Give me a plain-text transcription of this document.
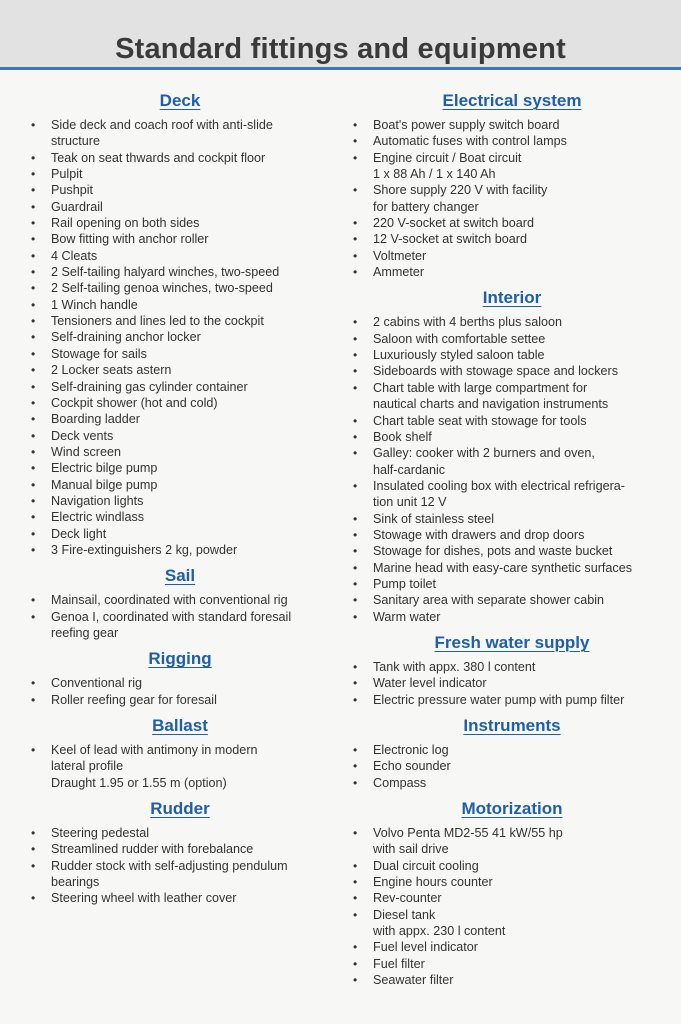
Standard fittings and equipment
Deck
• Side deck and coach roof with anti-slide
structure
• Teak on seat thwards and cockpit floor
• Pulpit
• Pushpit
• Guardrail
• Rail opening on both sides
• Bow fitting with anchor roller
• 4 Cleats
• 2 Self-tailing halyard winches, two-speed
• 2 Self-tailing genoa winches, two-speed
• 1 Winch handle
• Tensioners and lines led to the cockpit
• Self-draining anchor locker
• Stowage for sails
• 2 Locker seats astern
• Self-draining gas cylinder container
• Cockpit shower (hot and cold)
• Boarding ladder
• Deck vents
• Wind screen
• Electric bilge pump
• Manual bilge pump
• Navigation lights
• Electric windlass
• Deck light
• 3 Fire-extinguishers 2 kg, powder
Sail
• Mainsail, coordinated with conventional rig
• Genoa I, coordinated with standard foresail
reefing gear
Rigging
• Conventional rig
• Roller reefing gear for foresail
Ballast
• Keel of lead with antimony in modern
lateral profile
Draught 1.95 or 1.55 m (option)
Rudder
• Steering pedestal
• Streamlined rudder with forebalance
• Rudder stock with self-adjusting pendulum
bearings
• Steering wheel with leather cover
Electrical system
• Boat's power supply switch board
• Automatic fuses with control lamps
• Engine circuit / Boat circuit
1 x 88 Ah / 1 x 140 Ah
• Shore supply 220 V with facility
for battery changer
• 220 V-socket at switch board
• 12 V-socket at switch board
• Voltmeter
• Ammeter
Interior
• 2 cabins with 4 berths plus saloon
• Saloon with comfortable settee
• Luxuriously styled saloon table
• Sideboards with stowage space and lockers
• Chart table with large compartment for
nautical charts and navigation instruments
• Chart table seat with stowage for tools
• Book shelf
• Galley: cooker with 2 burners and oven,
half-cardanic
• Insulated cooling box with electrical refrigera-
tion unit 12 V
• Sink of stainless steel
• Stowage with drawers and drop doors
• Stowage for dishes, pots and waste bucket
• Marine head with easy-care synthetic surfaces
• Pump toilet
• Sanitary area with separate shower cabin
• Warm water
Fresh water supply
• Tank with appx. 380 l content
• Water level indicator
• Electric pressure water pump with pump filter
Instruments
• Electronic log
• Echo sounder
• Compass
Motorization
• Volvo Penta MD2-55 41 kW/55 hp
with sail drive
• Dual circuit cooling
• Engine hours counter
• Rev-counter
• Diesel tank
with appx. 230 l content
• Fuel level indicator
• Fuel filter
• Seawater filter
